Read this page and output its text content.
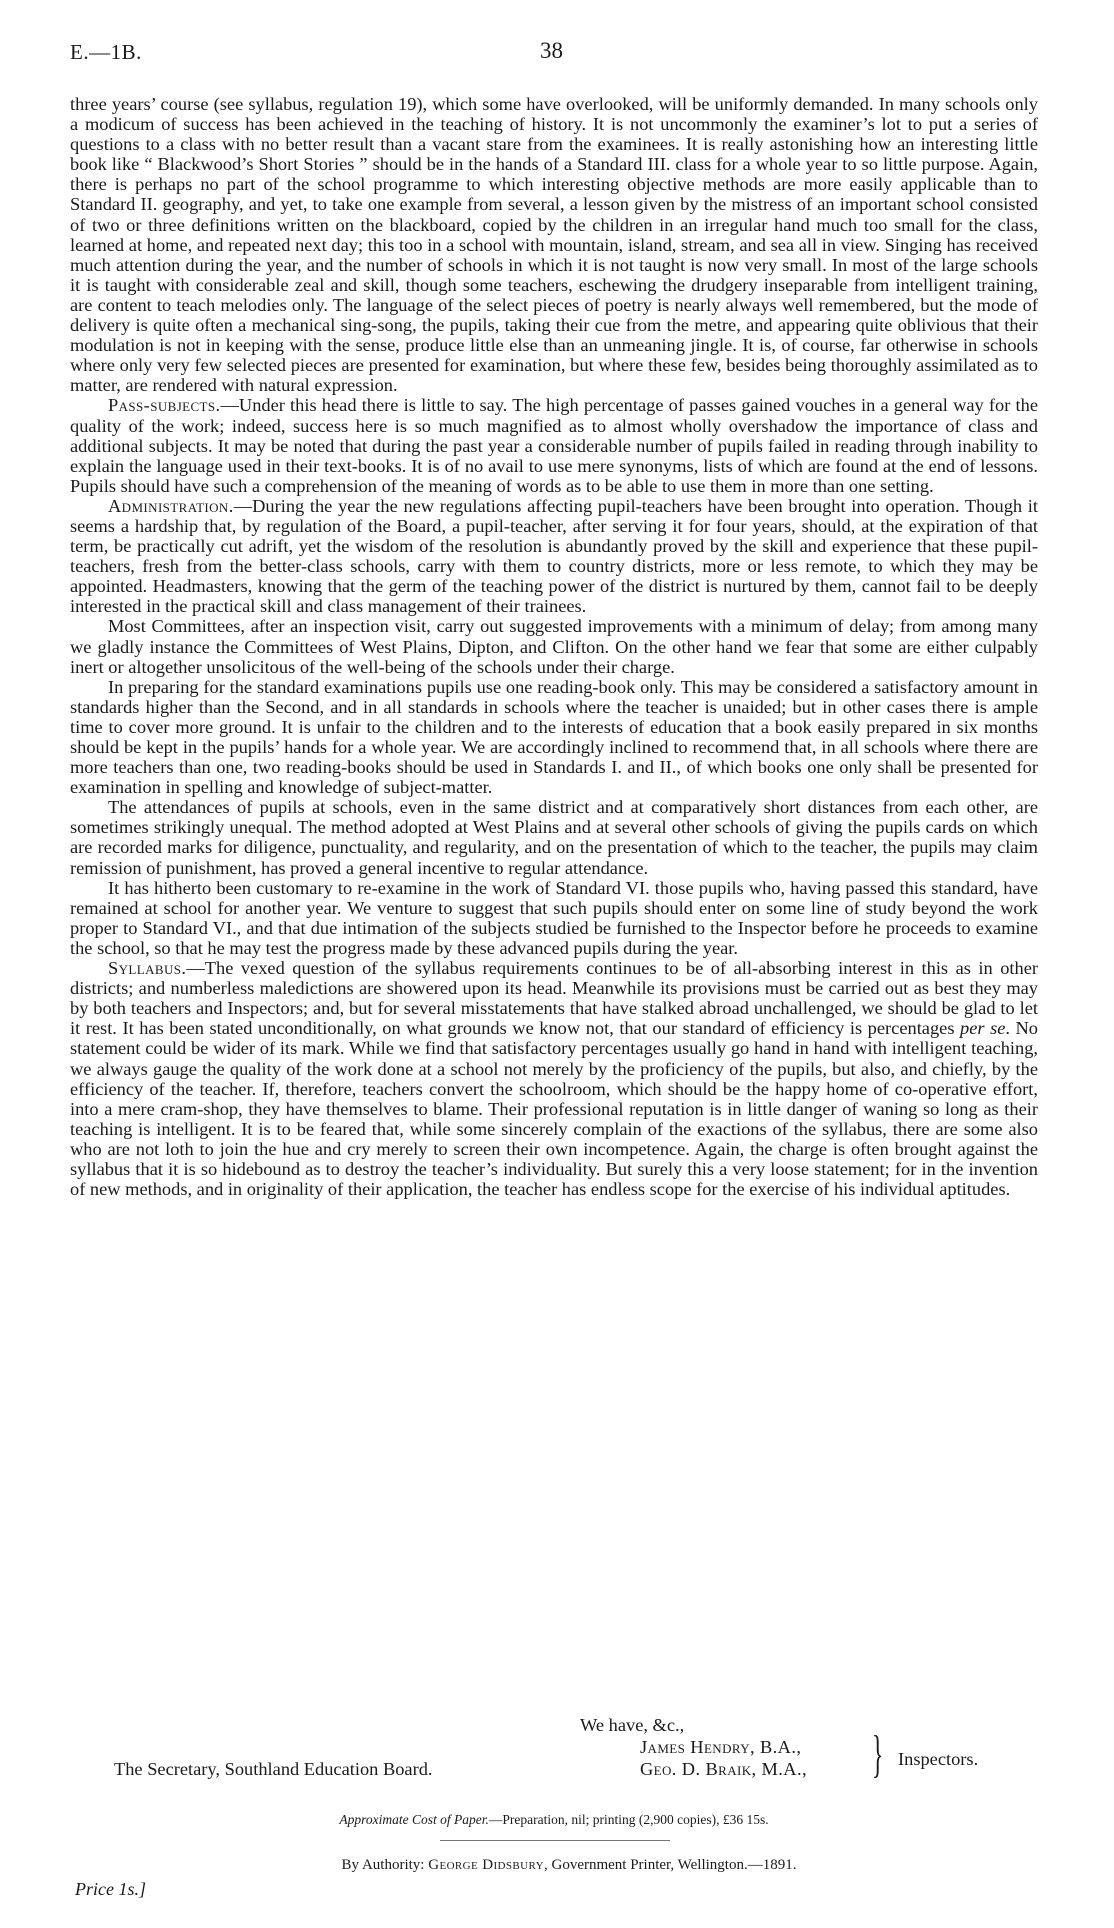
E.—1B.	38

three years’ course (see syllabus, regulation 19), which some have overlooked, will be uniformly demanded. In many schools only a modicum of success has been achieved in the teaching of history. It is not uncommonly the examiner’s lot to put a series of questions to a class with no better result than a vacant stare from the examinees. It is really astonishing how an interesting little book like “ Blackwood’s Short Stories ” should be in the hands of a Standard III. class for a whole year to so little purpose. Again, there is perhaps no part of the school programme to which interesting objective methods are more easily applicable than to Standard II. geography, and yet, to take one example from several, a lesson given by the mistress of an important school consisted of two or three definitions written on the blackboard, copied by the children in an irregular hand much too small for the class, learned at home, and repeated next day; this too in a school with mountain, island, stream, and sea all in view. Singing has received much attention during the year, and the number of schools in which it is not taught is now very small. In most of the large schools it is taught with considerable zeal and skill, though some teachers, eschewing the drudgery inseparable from intelligent training, are content to teach melodies only. The language of the select pieces of poetry is nearly always well remembered, but the mode of delivery is quite often a mechanical sing-song, the pupils, taking their cue from the metre, and appearing quite oblivious that their modulation is not in keeping with the sense, produce little else than an unmeaning jingle. It is, of course, far otherwise in schools where only very few selected pieces are presented for examination, but where these few, besides being thoroughly assimilated as to matter, are rendered with natural expression.

Pass-subjects.—Under this head there is little to say. The high percentage of passes gained vouches in a general way for the quality of the work; indeed, success here is so much magnified as to almost wholly overshadow the importance of class and additional subjects. It may be noted that during the past year a considerable number of pupils failed in reading through inability to explain the language used in their text-books. It is of no avail to use mere synonyms, lists of which are found at the end of lessons. Pupils should have such a comprehension of the meaning of words as to be able to use them in more than one setting.

Administration.—During the year the new regulations affecting pupil-teachers have been brought into operation. Though it seems a hardship that, by regulation of the Board, a pupil-teacher, after serving it for four years, should, at the expiration of that term, be practically cut adrift, yet the wisdom of the resolution is abundantly proved by the skill and experience that these pupil-teachers, fresh from the better-class schools, carry with them to country districts, more or less remote, to which they may be appointed. Headmasters, knowing that the germ of the teaching power of the district is nurtured by them, cannot fail to be deeply interested in the practical skill and class management of their trainees.

Most Committees, after an inspection visit, carry out suggested improvements with a minimum of delay; from among many we gladly instance the Committees of West Plains, Dipton, and Clifton. On the other hand we fear that some are either culpably inert or altogether unsolicitous of the well-being of the schools under their charge.

In preparing for the standard examinations pupils use one reading-book only. This may be considered a satisfactory amount in standards higher than the Second, and in all standards in schools where the teacher is unaided; but in other cases there is ample time to cover more ground. It is unfair to the children and to the interests of education that a book easily prepared in six months should be kept in the pupils’ hands for a whole year. We are accordingly inclined to recommend that, in all schools where there are more teachers than one, two reading-books should be used in Standards I. and II., of which books one only shall be presented for examination in spelling and knowledge of subject-matter.

The attendances of pupils at schools, even in the same district and at comparatively short distances from each other, are sometimes strikingly unequal. The method adopted at West Plains and at several other schools of giving the pupils cards on which are recorded marks for diligence, punctuality, and regularity, and on the presentation of which to the teacher, the pupils may claim remission of punishment, has proved a general incentive to regular attendance.

It has hitherto been customary to re-examine in the work of Standard VI. those pupils who, having passed this standard, have remained at school for another year. We venture to suggest that such pupils should enter on some line of study beyond the work proper to Standard VI., and that due intimation of the subjects studied be furnished to the Inspector before he proceeds to examine the school, so that he may test the progress made by these advanced pupils during the year.

Syllabus.—The vexed question of the syllabus requirements continues to be of all-absorbing interest in this as in other districts; and numberless maledictions are showered upon its head. Meanwhile its provisions must be carried out as best they may by both teachers and Inspectors; and, but for several misstatements that have stalked abroad unchallenged, we should be glad to let it rest. It has been stated unconditionally, on what grounds we know not, that our standard of efficiency is percentages per se. No statement could be wider of its mark. While we find that satisfactory percentages usually go hand in hand with intelligent teaching, we always gauge the quality of the work done at a school not merely by the proficiency of the pupils, but also, and chiefly, by the efficiency of the teacher. If, therefore, teachers convert the schoolroom, which should be the happy home of co-operative effort, into a mere cram-shop, they have themselves to blame. Their professional reputation is in little danger of waning so long as their teaching is intelligent. It is to be feared that, while some sincerely complain of the exactions of the syllabus, there are some also who are not loth to join the hue and cry merely to screen their own incompetence. Again, the charge is often brought against the syllabus that it is so hidebound as to destroy the teacher’s individuality. But surely this a very loose statement; for in the invention of new methods, and in originality of their application, the teacher has endless scope for the exercise of his individual aptitudes.

We have, &c.,
James Hendry, B.A.,
Geo. D. Braik, M.A., } Inspectors.
The Secretary, Southland Education Board.
Approximate Cost of Paper.—Preparation, nil; printing (2,900 copies), £36 15s.
By Authority: George Didsbury, Government Printer, Wellington.—1891.
Price 1s.]
